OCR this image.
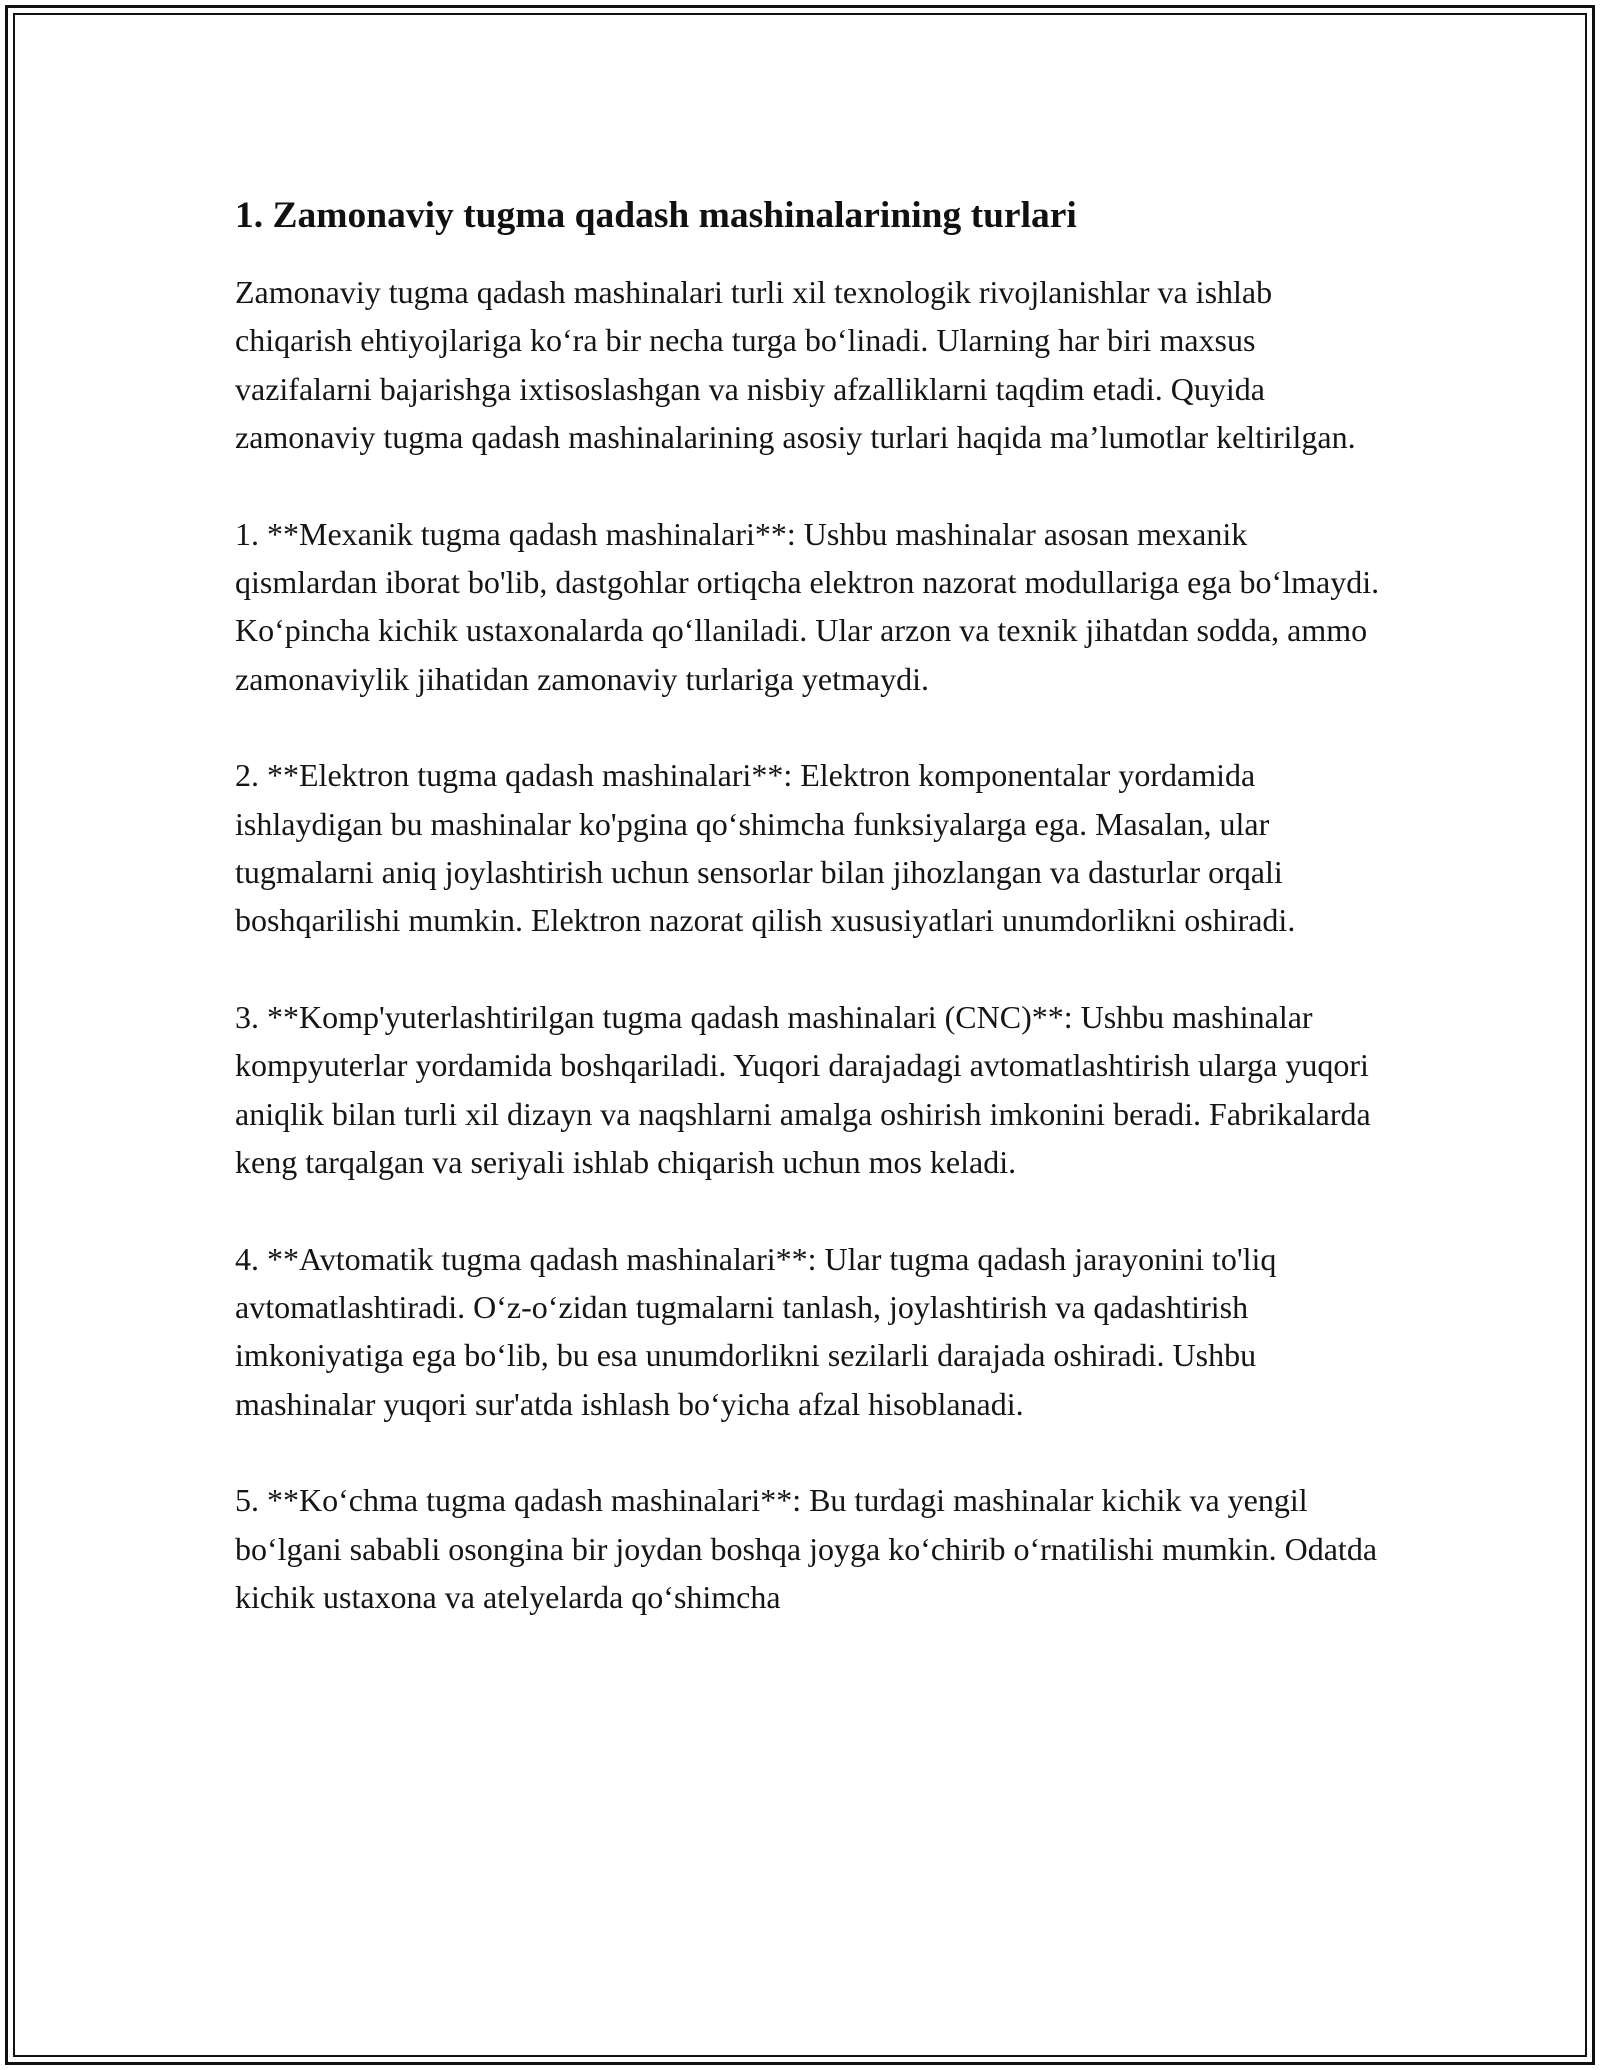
1. Zamonaviy tugma qadash mashinalarining turlari

Zamonaviy tugma qadash mashinalari turli xil texnologik rivojlanishlar va ishlab chiqarish ehtiyojlariga ko‘ra bir necha turga bo‘linadi. Ularning har biri maxsus vazifalarni bajarishga ixtisoslashgan va nisbiy afzalliklarni taqdim etadi. Quyida zamonaviy tugma qadash mashinalarining asosiy turlari haqida ma’lumotlar keltirilgan.

1. **Mexanik tugma qadash mashinalari**: Ushbu mashinalar asosan mexanik qismlardan iborat bo'lib, dastgohlar ortiqcha elektron nazorat modullariga ega bo‘lmaydi. Ko‘pincha kichik ustaxonalarda qo‘llaniladi. Ular arzon va texnik jihatdan sodda, ammo zamonaviylik jihatidan zamonaviy turlariga yetmaydi.

2. **Elektron tugma qadash mashinalari**: Elektron komponentalar yordamida ishlaydigan bu mashinalar ko'pgina qo‘shimcha funksiyalarga ega. Masalan, ular tugmalarni aniq joylashtirish uchun sensorlar bilan jihozlangan va dasturlar orqali boshqarilishi mumkin. Elektron nazorat qilish xususiyatlari unumdorlikni oshiradi.

3. **Komp'yuterlashtirilgan tugma qadash mashinalari (CNC)**: Ushbu mashinalar kompyuterlar yordamida boshqariladi. Yuqori darajadagi avtomatlashtirish ularga yuqori aniqlik bilan turli xil dizayn va naqshlarni amalga oshirish imkonini beradi. Fabrikalarda keng tarqalgan va seriyali ishlab chiqarish uchun mos keladi.

4. **Avtomatik tugma qadash mashinalari**: Ular tugma qadash jarayonini to'liq avtomatlashtiradi. O‘z-o‘zidan tugmalarni tanlash, joylashtirish va qadashtirish imkoniyatiga ega bo‘lib, bu esa unumdorlikni sezilarli darajada oshiradi. Ushbu mashinalar yuqori sur'atda ishlash bo‘yicha afzal hisoblanadi.

5. **Ko‘chma tugma qadash mashinalari**: Bu turdagi mashinalar kichik va yengil bo‘lgani sababli osongina bir joydan boshqa joyga ko‘chirib o‘rnatilishi mumkin. Odatda kichik ustaxona va atelyelarda qo‘shimcha
